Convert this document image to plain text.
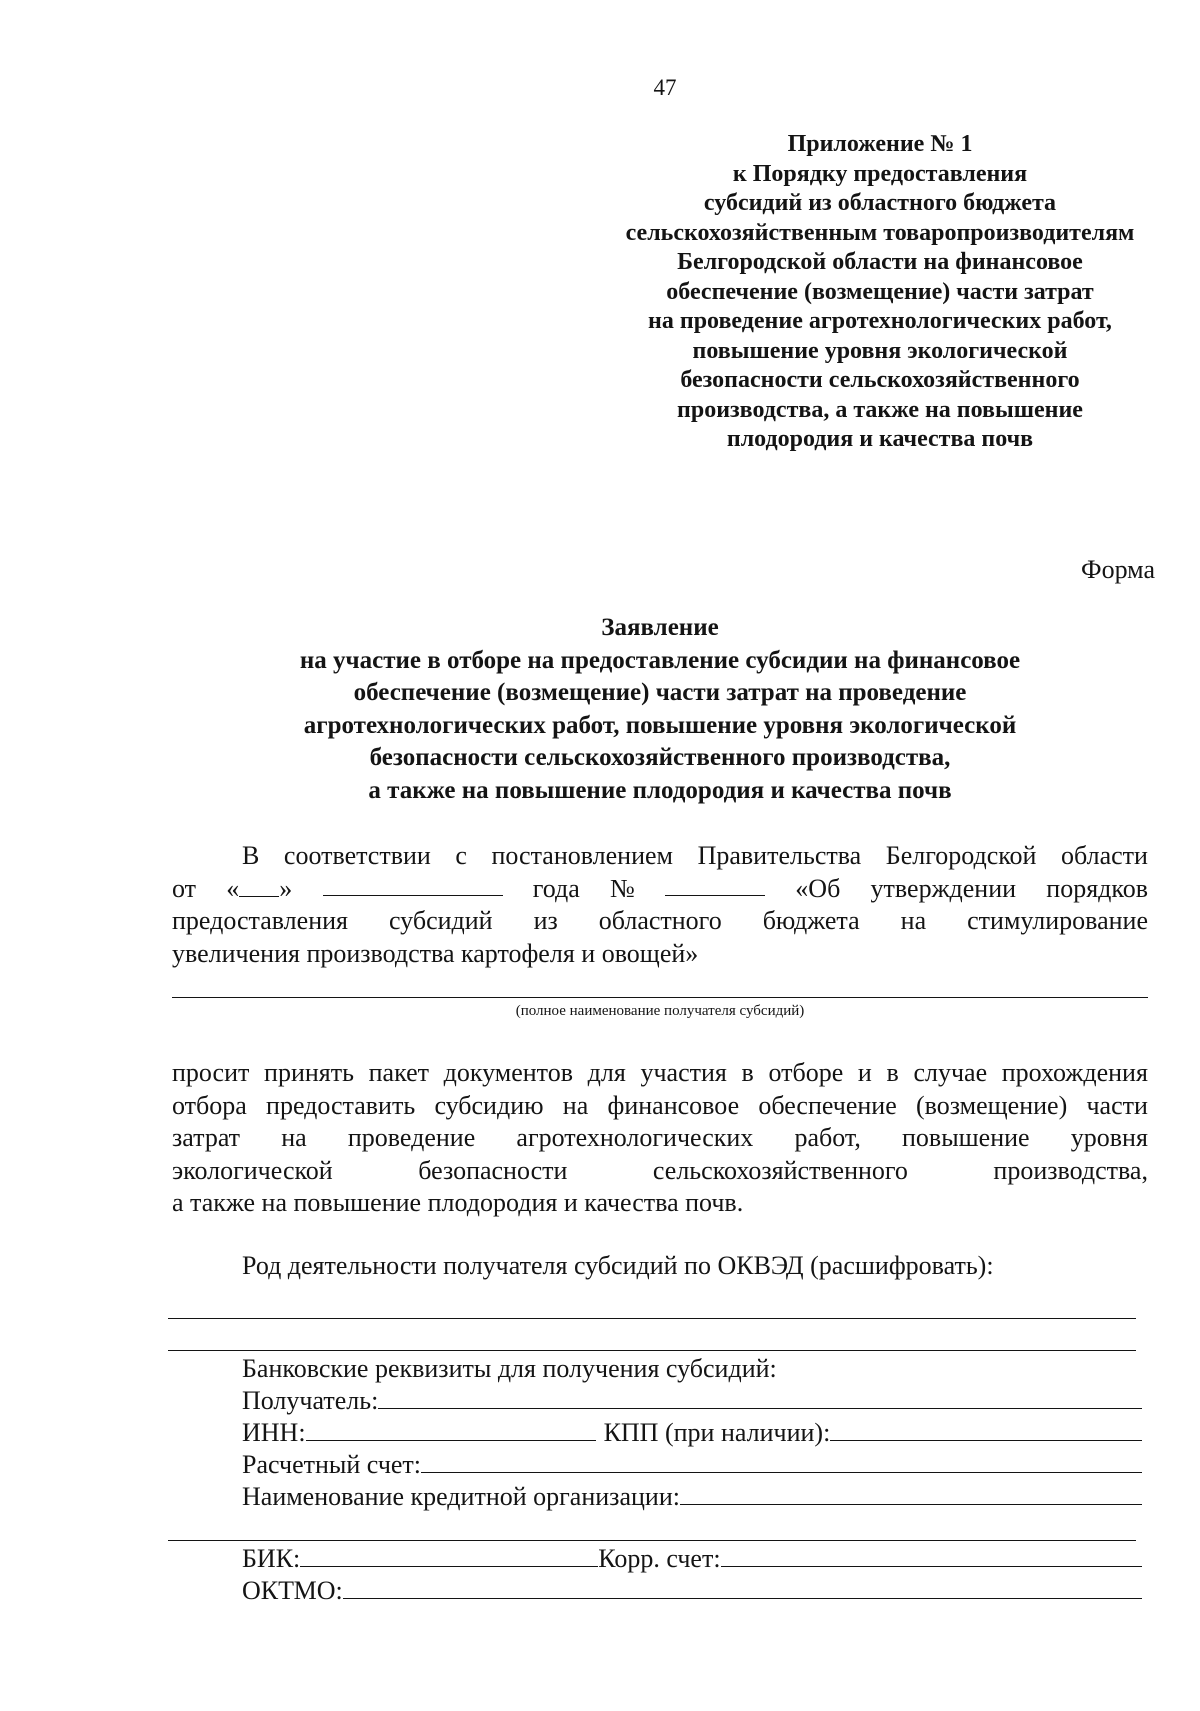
47
Приложение № 1
к Порядку предоставления
субсидий из областного бюджета
сельскохозяйственным товаропроизводителям
Белгородской области на финансовое
обеспечение (возмещение) части затрат
на проведение агротехнологических работ,
повышение уровня экологической
безопасности сельскохозяйственного
производства, а также на повышение
плодородия и качества почв
Форма
Заявление
на участие в отборе на предоставление субсидии на финансовое
обеспечение (возмещение) части затрат на проведение
агротехнологических работ, повышение уровня экологической
безопасности сельскохозяйственного производства,
а также на повышение плодородия и качества почв
В соответствии с постановлением Правительства Белгородской области
от « »	года №	«Об утверждении порядков
предоставления субсидий из областного бюджета на стимулирование
увеличения производства картофеля и овощей»
(полное наименование получателя субсидий)
просит принять пакет документов для участия в отборе и в случае прохождения
отбора предоставить субсидию на финансовое обеспечение (возмещение) части
затрат на проведение агротехнологических работ, повышение уровня
экологической	безопасности	сельскохозяйственного	производства,
а также на повышение плодородия и качества почв.
Род деятельности получателя субсидий по ОКВЭД (расшифровать):
Банковские реквизиты для получения субсидий:
Получатель:
ИНН:	КПП (при наличии):
Расчетный счет:
Наименование кредитной организации:
БИК:	Корр. счет:
ОКТМО:
